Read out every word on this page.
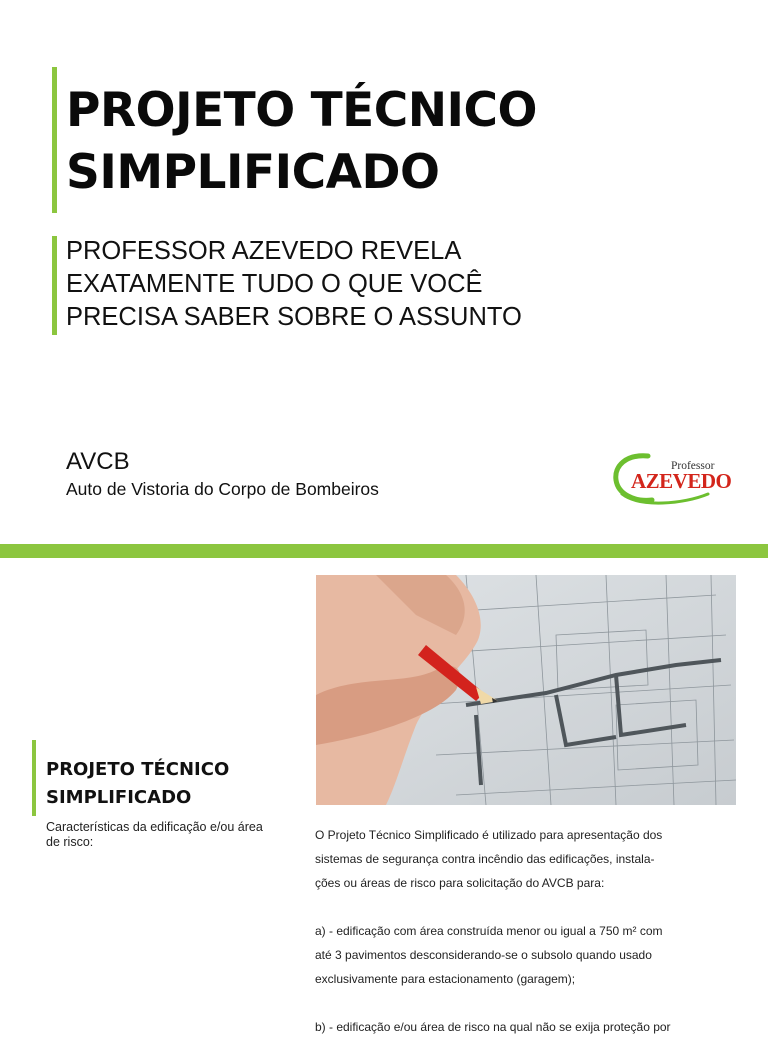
PROJETO TÉCNICO
SIMPLIFICADO
PROFESSOR AZEVEDO REVELA
EXATAMENTE TUDO O QUE VOCÊ
PRECISA SABER SOBRE O ASSUNTO
AVCB
Auto de Vistoria do Corpo de Bombeiros
Professor
AZEVEDO
PROJETO TÉCNICO
SIMPLIFICADO
Características da edificação e/ou área de risco:	O Projeto Técnico Simplificado é utilizado para apresentação dos
sistemas de segurança contra incêndio das edificações, instala-
ções ou áreas de risco para solicitação do AVCB para:
a) - edificação com área construída menor ou igual a 750 m² com
até 3 pavimentos desconsiderando-se o subsolo quando usado
exclusivamente para estacionamento (garagem);
b) - edificação e/ou área de risco na qual não se exija proteção por
